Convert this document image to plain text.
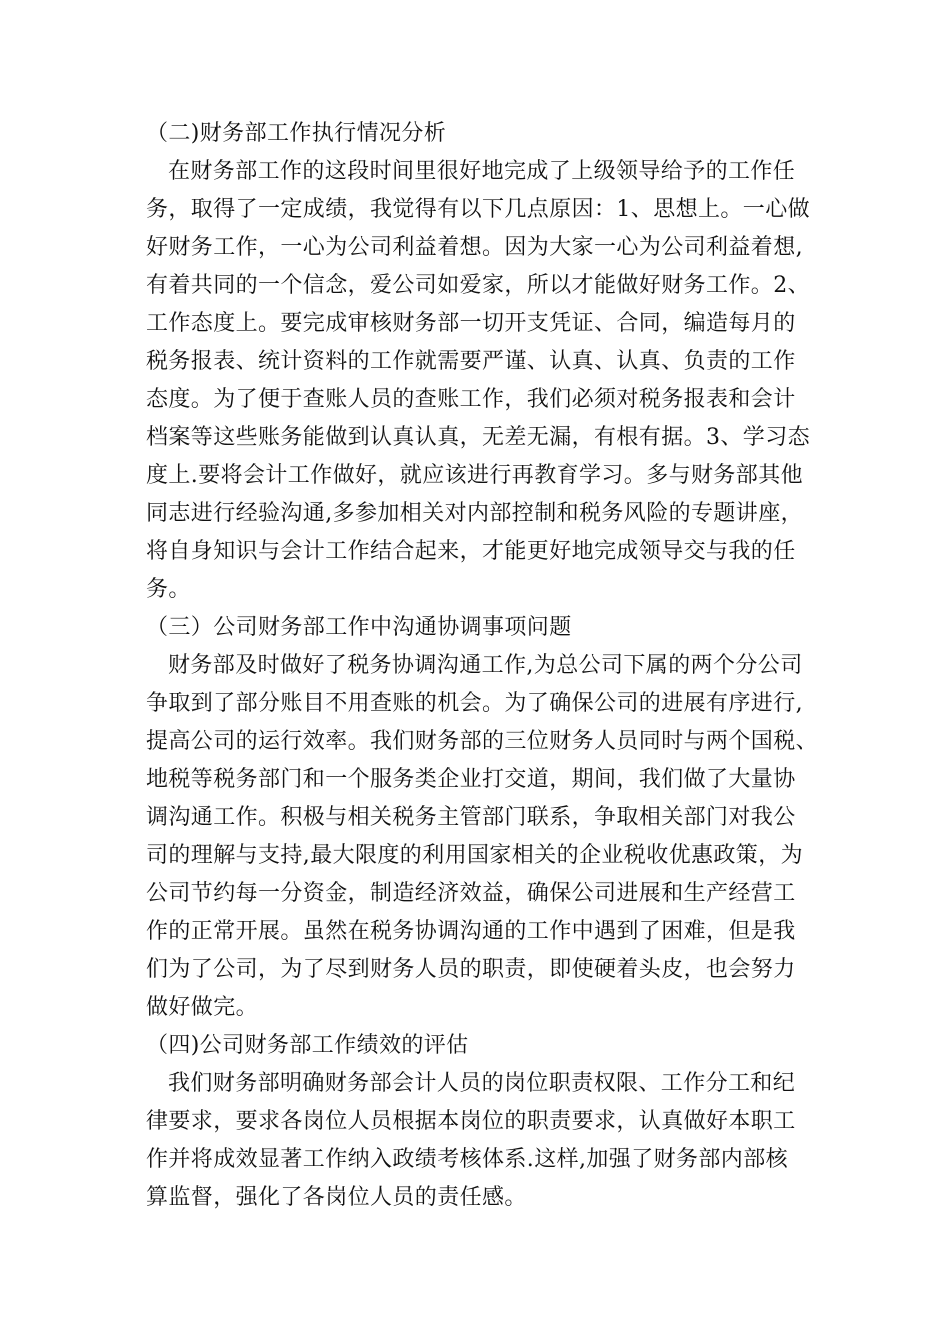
（二)财务部工作执行情况分析
在财务部工作的这段时间里很好地完成了上级领导给予的工作任
务，取得了一定成绩，我觉得有以下几点原因：1、思想上。一心做
好财务工作，一心为公司利益着想。因为大家一心为公司利益着想,
有着共同的一个信念，爱公司如爱家，所以才能做好财务工作。2、
工作态度上。要完成审核财务部一切开支凭证、合同，编造每月的
税务报表、统计资料的工作就需要严谨、认真、认真、负责的工作
态度。为了便于查账人员的查账工作，我们必须对税务报表和会计
档案等这些账务能做到认真认真，无差无漏，有根有据。3、学习态
度上.要将会计工作做好，就应该进行再教育学习。多与财务部其他
同志进行经验沟通,多参加相关对内部控制和税务风险的专题讲座，
将自身知识与会计工作结合起来，才能更好地完成领导交与我的任
务。
（三）公司财务部工作中沟通协调事项问题
财务部及时做好了税务协调沟通工作,为总公司下属的两个分公司
争取到了部分账目不用查账的机会。为了确保公司的进展有序进行,
提高公司的运行效率。我们财务部的三位财务人员同时与两个国税、
地税等税务部门和一个服务类企业打交道，期间，我们做了大量协
调沟通工作。积极与相关税务主管部门联系，争取相关部门对我公
司的理解与支持,最大限度的利用国家相关的企业税收优惠政策，为
公司节约每一分资金，制造经济效益，确保公司进展和生产经营工
作的正常开展。虽然在税务协调沟通的工作中遇到了困难，但是我
们为了公司，为了尽到财务人员的职责，即使硬着头皮，也会努力
做好做完。
（四)公司财务部工作绩效的评估
我们财务部明确财务部会计人员的岗位职责权限、工作分工和纪
律要求，要求各岗位人员根据本岗位的职责要求，认真做好本职工
作并将成效显著工作纳入政绩考核体系.这样,加强了财务部内部核
算监督，强化了各岗位人员的责任感。
